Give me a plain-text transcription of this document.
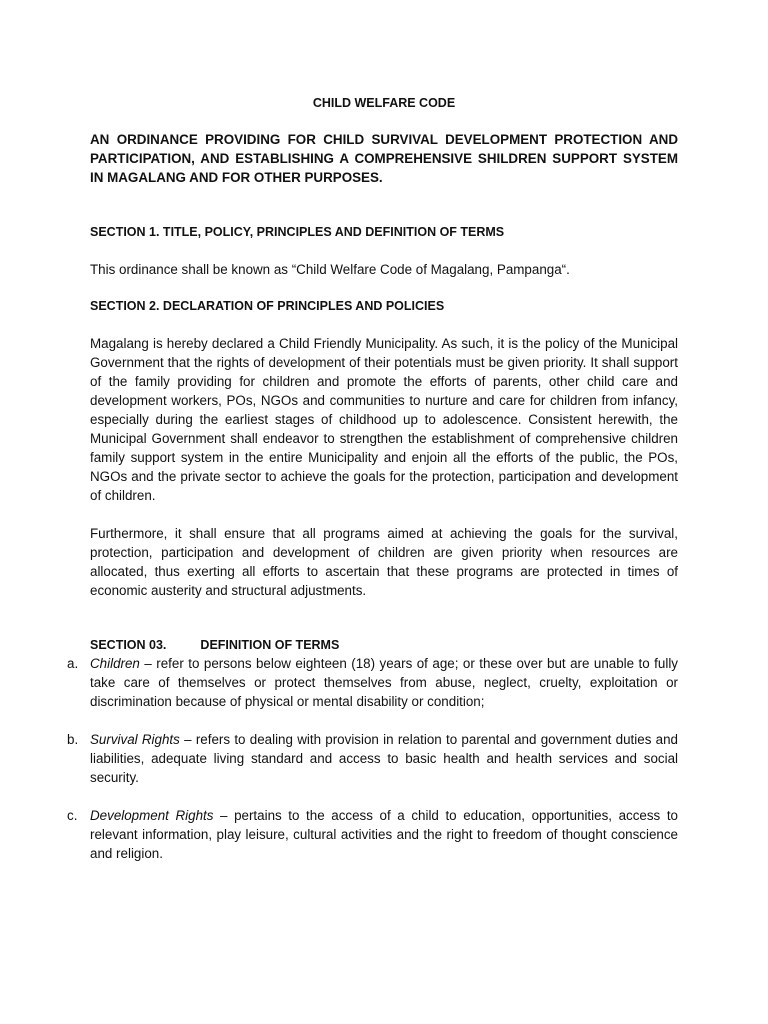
CHILD WELFARE CODE

AN ORDINANCE PROVIDING FOR CHILD SURVIVAL DEVELOPMENT PROTECTION AND PARTICIPATION, AND ESTABLISHING A COMPREHENSIVE SHILDREN SUPPORT SYSTEM IN MAGALANG AND FOR OTHER PURPOSES.

SECTION 1. TITLE, POLICY, PRINCIPLES AND DEFINITION OF TERMS

This ordinance shall be known as “Child Welfare Code of Magalang, Pampanga“.

SECTION 2. DECLARATION OF PRINCIPLES AND POLICIES

Magalang is hereby declared a Child Friendly Municipality. As such, it is the policy of the Municipal Government that the rights of development of their potentials must be given priority. It shall support of the family providing for children and promote the efforts of parents, other child care and development workers, POs, NGOs and communities to nurture and care for children from infancy, especially during the earliest stages of childhood up to adolescence. Consistent herewith, the Municipal Government shall endeavor to strengthen the establishment of comprehensive children family support system in the entire Municipality and enjoin all the efforts of the public, the POs, NGOs and the private sector to achieve the goals for the protection, participation and development of children.

Furthermore, it shall ensure that all programs aimed at achieving the goals for the survival, protection, participation and development of children are given priority when resources are allocated, thus exerting all efforts to ascertain that these programs are protected in times of economic austerity and structural adjustments.

SECTION 03.	DEFINITION OF TERMS

a. Children – refer to persons below eighteen (18) years of age; or these over but are unable to fully take care of themselves or protect themselves from abuse, neglect, cruelty, exploitation or discrimination because of physical or mental disability or condition;
b. Survival Rights – refers to dealing with provision in relation to parental and government duties and liabilities, adequate living standard and access to basic health and health services and social security.
c. Development Rights – pertains to the access of a child to education, opportunities, access to relevant information, play leisure, cultural activities and the right to freedom of thought conscience and religion.
